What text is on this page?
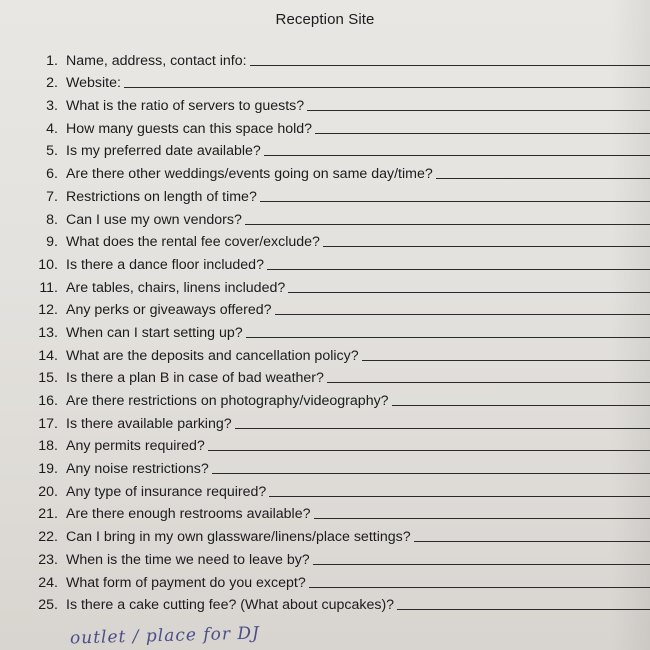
Reception Site
1. Name, address, contact info:
2. Website:
3. What is the ratio of servers to guests?
4. How many guests can this space hold?
5. Is my preferred date available?
6. Are there other weddings/events going on same day/time?
7. Restrictions on length of time?
8. Can I use my own vendors?
9. What does the rental fee cover/exclude?
10. Is there a dance floor included?
11. Are tables, chairs, linens included?
12. Any perks or giveaways offered?
13. When can I start setting up?
14. What are the deposits and cancellation policy?
15. Is there a plan B in case of bad weather?
16. Are there restrictions on photography/videography?
17. Is there available parking?
18. Any permits required?
19. Any noise restrictions?
20. Any type of insurance required?
21. Are there enough restrooms available?
22. Can I bring in my own glassware/linens/place settings?
23. When is the time we need to leave by?
24. What form of payment do you except?
25. Is there a cake cutting fee? (What about cupcakes)?
outlet / place for DJ
